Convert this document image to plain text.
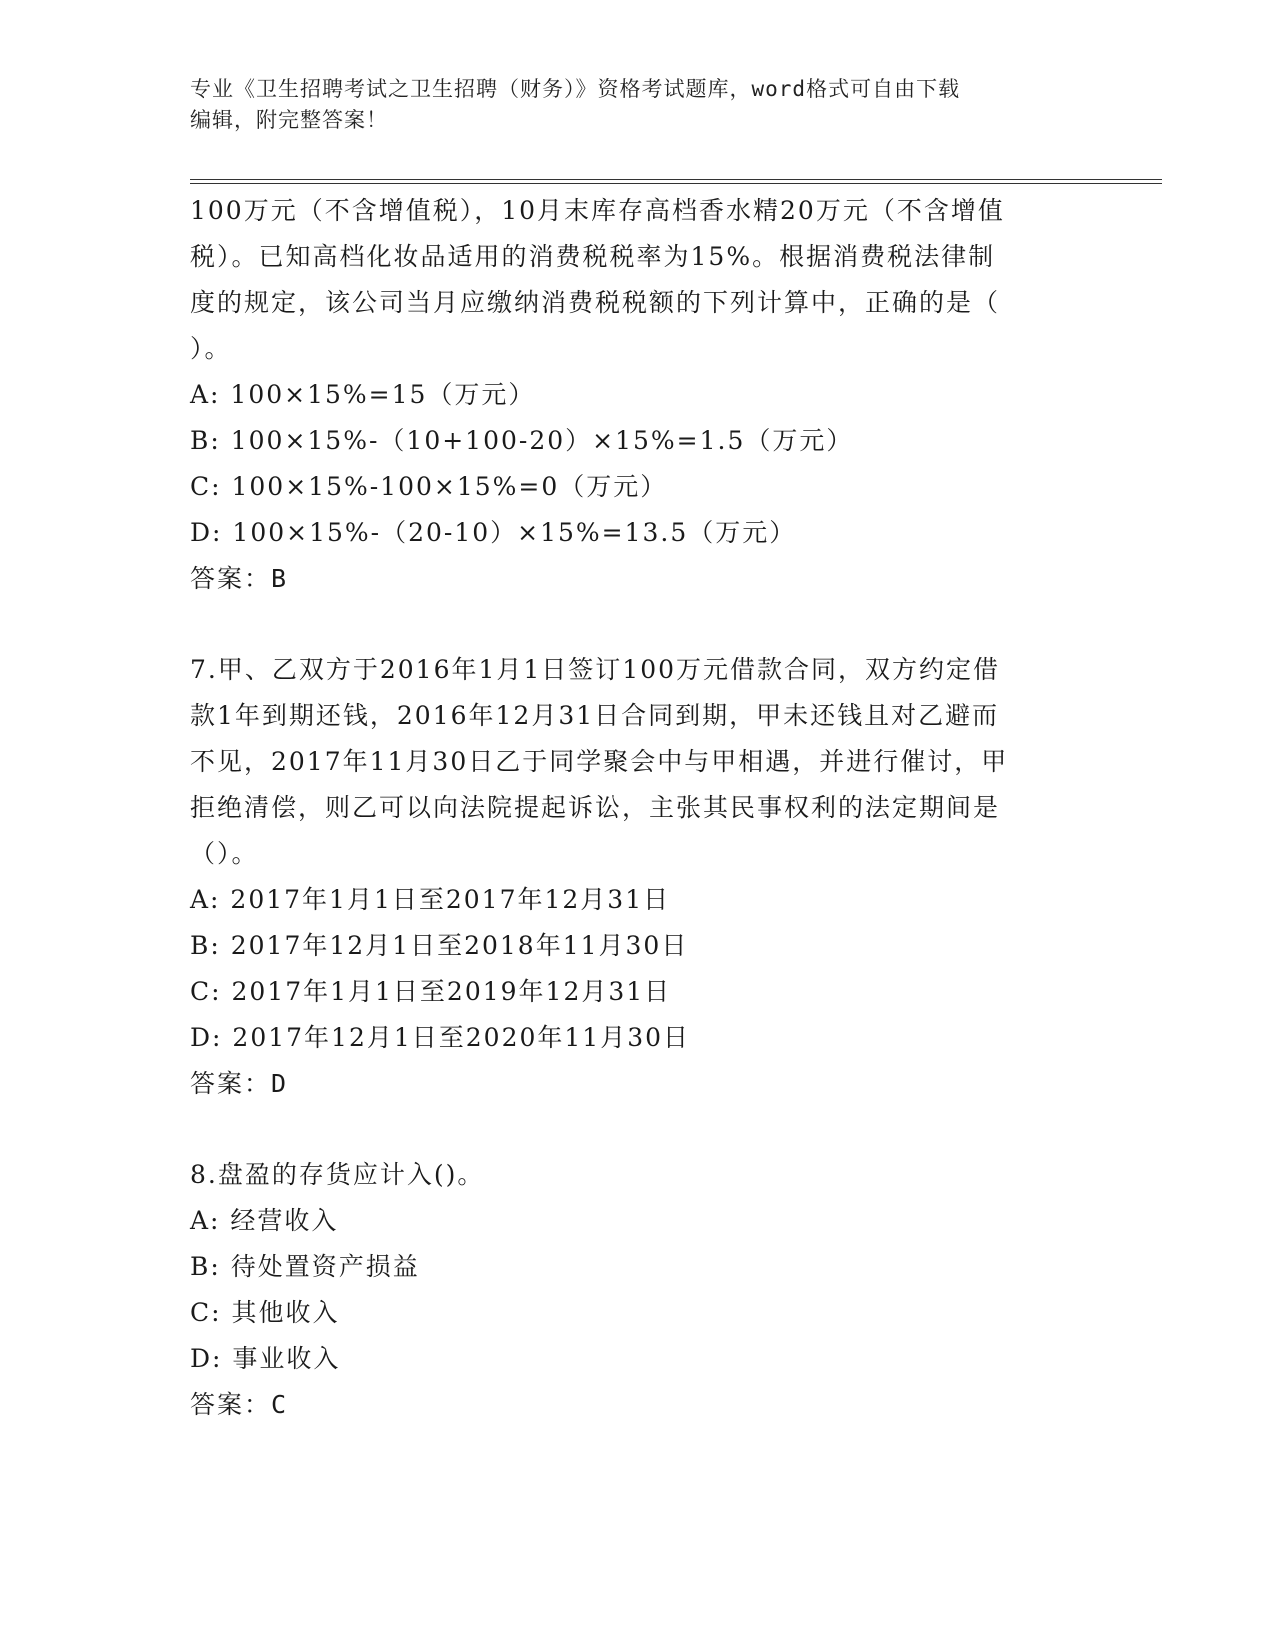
专业《卫生招聘考试之卫生招聘（财务）》资格考试题库，word格式可自由下载
编辑，附完整答案！
100万元（不含增值税），10月末库存高档香水精20万元（不含增值
税）。已知高档化妆品适用的消费税税率为15%。根据消费税法律制
度的规定，该公司当月应缴纳消费税税额的下列计算中，正确的是（
）。
A: 100×15%=15（万元）
B: 100×15%-（10+100-20）×15%=1.5（万元）
C: 100×15%-100×15%=0（万元）
D: 100×15%-（20-10）×15%=13.5（万元）
答案：B
7.甲、乙双方于2016年1月1日签订100万元借款合同，双方约定借
款1年到期还钱，2016年12月31日合同到期，甲未还钱且对乙避而
不见，2017年11月30日乙于同学聚会中与甲相遇，并进行催讨，甲
拒绝清偿，则乙可以向法院提起诉讼，主张其民事权利的法定期间是
（）。
A: 2017年1月1日至2017年12月31日
B: 2017年12月1日至2018年11月30日
C: 2017年1月1日至2019年12月31日
D: 2017年12月1日至2020年11月30日
答案：D
8.盘盈的存货应计入()。
A: 经营收入
B: 待处置资产损益
C: 其他收入
D: 事业收入
答案：C
